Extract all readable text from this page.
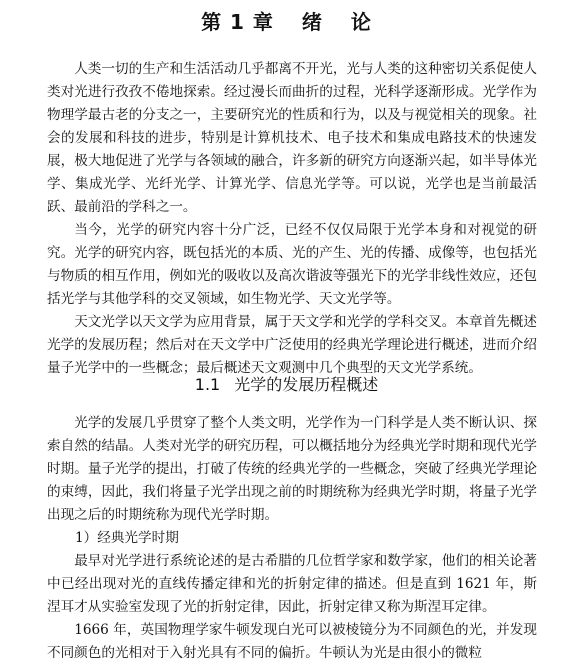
第 1 章 绪 论

人类一切的生产和生活活动几乎都离不开光，光与人类的这种密切关系促使人类对光进行孜孜不倦地探索。经过漫长而曲折的过程，光科学逐渐形成。光学作为物理学最古老的分支之一，主要研究光的性质和行为，以及与视觉相关的现象。社会的发展和科技的进步，特别是计算机技术、电子技术和集成电路技术的快速发展，极大地促进了光学与各领域的融合，许多新的研究方向逐渐兴起，如半导体光学、集成光学、光纤光学、计算光学、信息光学等。可以说，光学也是当前最活跃、最前沿的学科之一。

当今，光学的研究内容十分广泛，已经不仅仅局限于光学本身和对视觉的研究。光学的研究内容，既包括光的本质、光的产生、光的传播、成像等，也包括光与物质的相互作用，例如光的吸收以及高次谐波等强光下的光学非线性效应，还包括光学与其他学科的交叉领域，如生物光学、天文光学等。

天文光学以天文学为应用背景，属于天文学和光学的学科交叉。本章首先概述光学的发展历程；然后对在天文学中广泛使用的经典光学理论进行概述，进而介绍量子光学中的一些概念；最后概述天文观测中几个典型的天文光学系统。

1.1 光学的发展历程概述

光学的发展几乎贯穿了整个人类文明，光学作为一门科学是人类不断认识、探索自然的结晶。人类对光学的研究历程，可以概括地分为经典光学时期和现代光学时期。量子光学的提出，打破了传统的经典光学的一些概念，突破了经典光学理论的束缚，因此，我们将量子光学出现之前的时期统称为经典光学时期，将量子光学出现之后的时期统称为现代光学时期。

1）经典光学时期

最早对光学进行系统论述的是古希腊的几位哲学家和数学家，他们的相关论著中已经出现对光的直线传播定律和光的折射定律的描述。但是直到 1621 年，斯涅耳才从实验室发现了光的折射定律，因此，折射定律又称为斯涅耳定律。

1666 年，英国物理学家牛顿发现白光可以被棱镜分为不同颜色的光，并发现不同颜色的光相对于入射光具有不同的偏折。牛顿认为光是由很小的微粒
